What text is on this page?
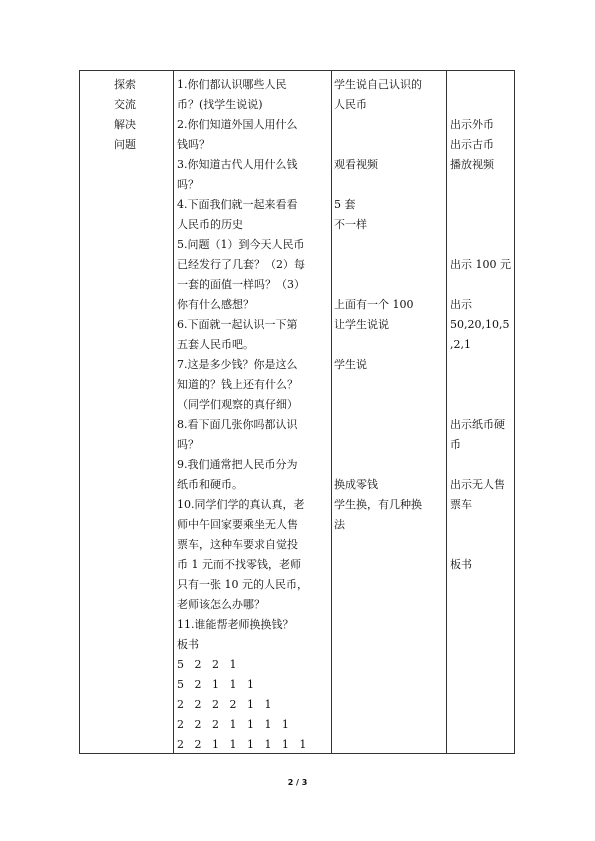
探索
交流
解决
问题
1.你们都认识哪些人民
币？(找学生说说)
2.你们知道外国人用什么
钱吗？
3.你知道古代人用什么钱
吗？
4.下面我们就一起来看看
人民币的历史
5.问题（1）到今天人民币
已经发行了几套？（2）每
一套的面值一样吗？（3）
你有什么感想？
6.下面就一起认识一下第
五套人民币吧。
7.这是多少钱？你是这么
知道的？钱上还有什么？
（同学们观察的真仔细）
8.看下面几张你吗都认识
吗？
9.我们通常把人民币分为
纸币和硬币。
10.同学们学的真认真，老
师中午回家要乘坐无人售
票车，这种车要求自觉投
币 1 元而不找零钱，老师
只有一张 10 元的人民币，
老师该怎么办哪？
11.谁能帮老师换换钱？
板书
5   2   2   1
5   2   1   1   1
2   2   2   2   1   1
2   2   2   1   1   1   1
2   2   1   1   1   1   1   1
学生说自己认识的
人民币
观看视频
5 套
不一样
上面有一个 100
让学生说说
学生说
换成零钱
学生换，有几种换
法
出示外币
出示古币
播放视频
出示 100 元
出示
50,20,10,5
,2,1
出示纸币硬
币
出示无人售
票车
板书
2 / 3
